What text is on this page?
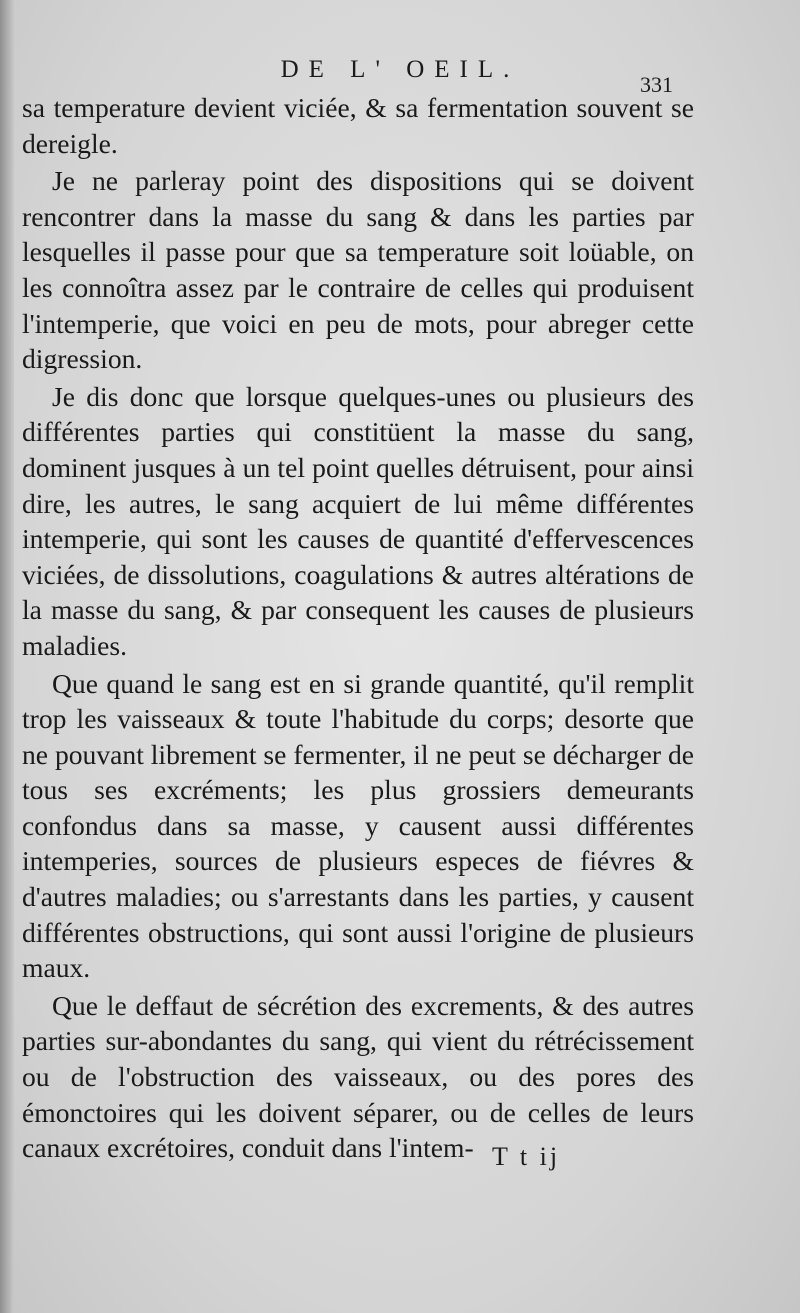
DE L' OEIL.
331

sa temperature devient viciée, & sa fermentation souvent se dereigle.

Je ne parleray point des dispositions qui se doivent rencontrer dans la masse du sang & dans les parties par lesquelles il passe pour que sa temperature soit loüable, on les connoîtra assez par le contraire de celles qui produisent l'intemperie, que voici en peu de mots, pour abreger cette digression.

Je dis donc que lorsque quelques-unes ou plusieurs des différentes parties qui constitüent la masse du sang, dominent jusques à un tel point quelles détruisent, pour ainsi dire, les autres, le sang acquiert de lui même différentes intemperie, qui sont les causes de quantité d'effervescences viciées, de dissolutions, coagulations & autres altérations de la masse du sang, & par consequent les causes de plusieurs maladies.

Que quand le sang est en si grande quantité, qu'il remplit trop les vaisseaux & toute l'habitude du corps; desorte que ne pouvant librement se fermenter, il ne peut se décharger de tous ses excréments; les plus grossiers demeurants confondus dans sa masse, y causent aussi différentes intemperies, sources de plusieurs especes de fiévres & d'autres maladies; ou s'arrestants dans les parties, y causent différentes obstructions, qui sont aussi l'origine de plusieurs maux.

Que le deffaut de sécrétion des excrements, & des autres parties sur-abondantes du sang, qui vient du rétrécissement ou de l'obstruction des vaisseaux, ou des pores des émonctoires qui les doivent séparer, ou de celles de leurs canaux excrétoires, conduit dans l'intem- T t ij
